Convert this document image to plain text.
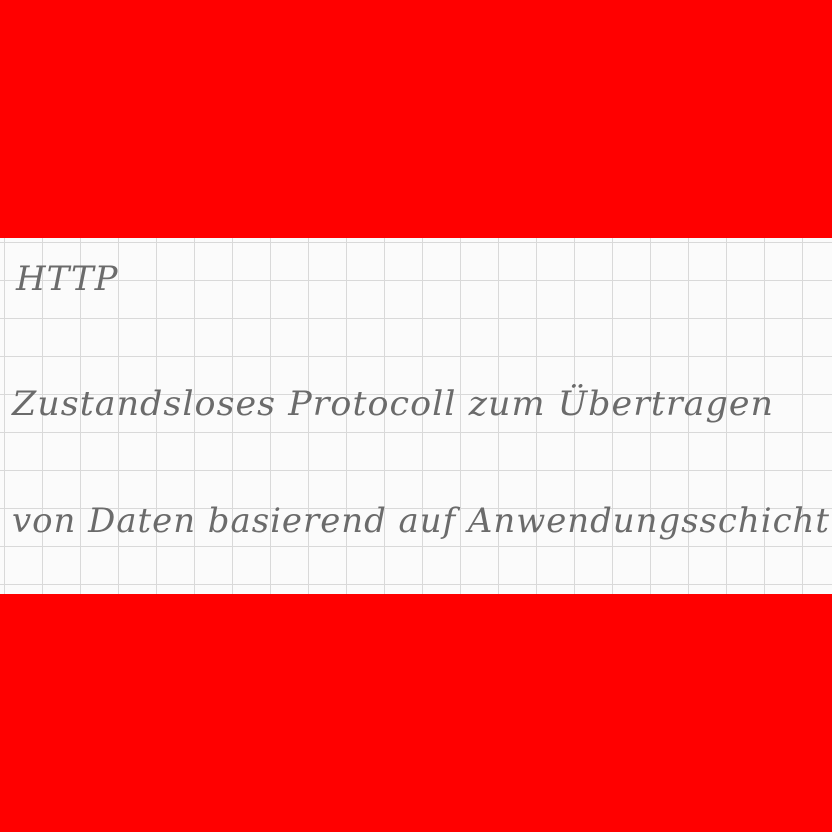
HTTP
Zustandsloses Protocoll zum Übertragen
von Daten basierend auf Anwendungsschicht
